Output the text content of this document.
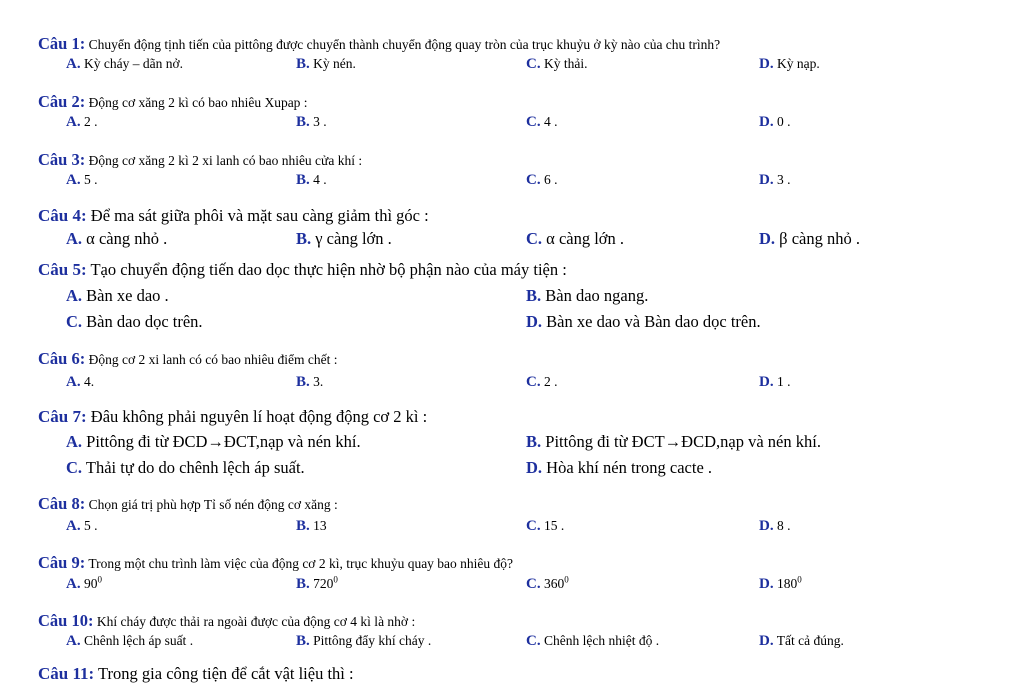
Câu 1: Chuyển động tịnh tiến của pittông được chuyển thành chuyển động quay tròn của trục khuỷu ở kỳ nào của chu trình?
A. Kỳ cháy – dãn nở.	B. Kỳ nén.	C. Kỳ thải.	D. Kỳ nạp.
Câu 2: Động cơ xăng 2 kì có bao nhiêu Xupap :
A. 2 .	B. 3 .	C. 4 .	D. 0 .
Câu 3: Động cơ xăng 2 kì 2 xi lanh có bao nhiêu cửa khí :
A. 5 .	B. 4 .	C. 6 .	D. 3 .
Câu 4: Để ma sát giữa phôi và mặt sau càng giảm thì góc :
A. α càng nhỏ .	B. γ càng lớn .	C. α càng lớn .	D. β càng nhỏ .
Câu 5: Tạo chuyển động tiến dao dọc thực hiện nhờ bộ phận nào của máy tiện :
A. Bàn xe dao .	B. Bàn dao ngang.
C. Bàn dao dọc trên.	D. Bàn xe dao và Bàn dao dọc trên.
Câu 6: Động cơ 2 xi lanh có có bao nhiêu điểm chết :
A. 4.	B. 3.	C. 2 .	D. 1 .
Câu 7: Đâu không phải nguyên lí hoạt động động cơ 2 kì :
A. Pittông đi từ ĐCD→ĐCT,nạp và nén khí.	B. Pittông đi từ ĐCT→ĐCD,nạp và nén khí.
C. Thải tự do do chênh lệch áp suất.	D. Hòa khí nén trong cacte .
Câu 8: Chọn giá trị phù hợp Tỉ số nén động cơ xăng :
A. 5 .	B. 13	C. 15 .	D. 8 .
Câu 9: Trong một chu trình làm việc của động cơ 2 kì, trục khuỷu quay bao nhiêu độ?
A. $90^0$	B. $720^0$	C. $360^0$	D. $180^0$
Câu 10: Khí cháy được thải ra ngoài được của động cơ 4 kì là nhờ :
A. Chênh lệch áp suất .	B. Pittông đẩy khí cháy .	C. Chênh lệch nhiệt độ .	D. Tất cả đúng.
Câu 11: Trong gia công tiện để cắt vật liệu thì :
